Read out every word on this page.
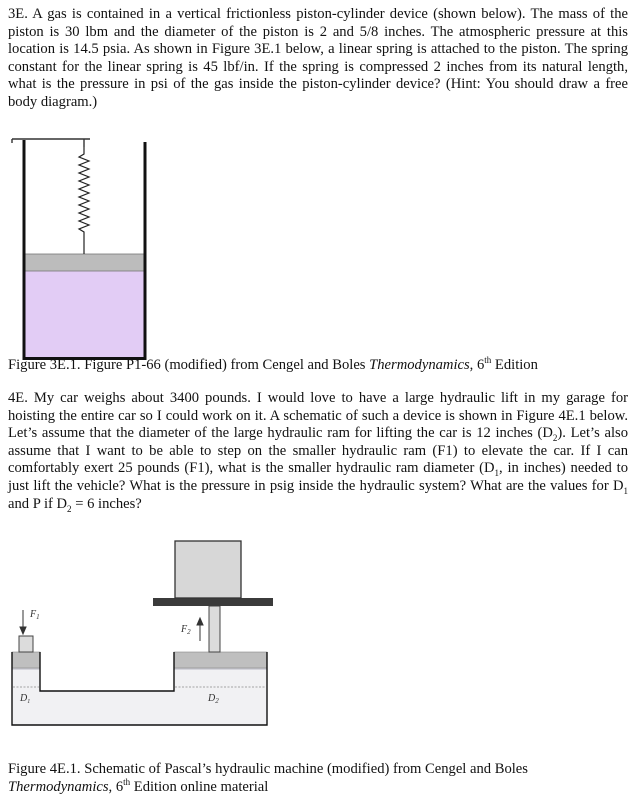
3E. A gas is contained in a vertical frictionless piston-cylinder device (shown below). The mass of the piston is 30 lbm and the diameter of the piston is 2 and 5/8 inches. The atmospheric pressure at this location is 14.5 psia. As shown in Figure 3E.1 below, a linear spring is attached to the piston. The spring constant for the linear spring is 45 lbf/in. If the spring is compressed 2 inches from its natural length, what is the pressure in psi of the gas inside the piston-cylinder device? (Hint: You should draw a free body diagram.)

Figure 3E.1. Figure P1-66 (modified) from Cengel and Boles Thermodynamics, 6th Edition

4E. My car weighs about 3400 pounds. I would love to have a large hydraulic lift in my garage for hoisting the entire car so I could work on it. A schematic of such a device is shown in Figure 4E.1 below. Let’s assume that the diameter of the large hydraulic ram for lifting the car is 12 inches $(D_2)$. Let’s also assume that I want to be able to step on the smaller hydraulic ram (F1) to elevate the car. If I can comfortably exert 25 pounds (F1), what is the smaller hydraulic ram diameter ($D_1$, in inches) needed to just lift the vehicle? What is the pressure in psig inside the hydraulic system? What are the values for $D_1$ and P if $D_2 = 6$ inches?

$F_1$
$F_2$
$D_1$	$D_2$

Figure 4E.1. Schematic of Pascal’s hydraulic machine (modified) from Cengel and Boles Thermodynamics, 6th Edition online material
